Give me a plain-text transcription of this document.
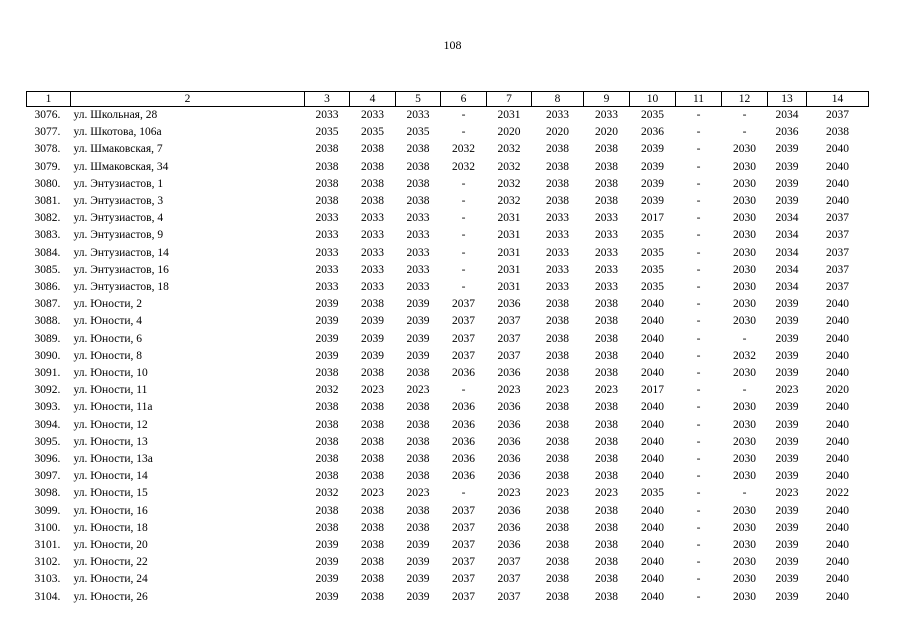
108
1	2	3	4	5	6	7	8	9	10	11	12	13	14
3076.	ул. Школьная, 28	2033	2033	2033	-	2031	2033	2033	2035	-	-	2034	2037
3077.	ул. Шкотова, 106а	2035	2035	2035	-	2020	2020	2020	2036	-	-	2036	2038
3078.	ул. Шмаковская, 7	2038	2038	2038	2032	2032	2038	2038	2039	-	2030	2039	2040
3079.	ул. Шмаковская, 34	2038	2038	2038	2032	2032	2038	2038	2039	-	2030	2039	2040
3080.	ул. Энтузиастов, 1	2038	2038	2038	-	2032	2038	2038	2039	-	2030	2039	2040
3081.	ул. Энтузиастов, 3	2038	2038	2038	-	2032	2038	2038	2039	-	2030	2039	2040
3082.	ул. Энтузиастов, 4	2033	2033	2033	-	2031	2033	2033	2017	-	2030	2034	2037
3083.	ул. Энтузиастов, 9	2033	2033	2033	-	2031	2033	2033	2035	-	2030	2034	2037
3084.	ул. Энтузиастов, 14	2033	2033	2033	-	2031	2033	2033	2035	-	2030	2034	2037
3085.	ул. Энтузиастов, 16	2033	2033	2033	-	2031	2033	2033	2035	-	2030	2034	2037
3086.	ул. Энтузиастов, 18	2033	2033	2033	-	2031	2033	2033	2035	-	2030	2034	2037
3087.	ул. Юности, 2	2039	2038	2039	2037	2036	2038	2038	2040	-	2030	2039	2040
3088.	ул. Юности, 4	2039	2039	2039	2037	2037	2038	2038	2040	-	2030	2039	2040
3089.	ул. Юности, 6	2039	2039	2039	2037	2037	2038	2038	2040	-	-	2039	2040
3090.	ул. Юности, 8	2039	2039	2039	2037	2037	2038	2038	2040	-	2032	2039	2040
3091.	ул. Юности, 10	2038	2038	2038	2036	2036	2038	2038	2040	-	2030	2039	2040
3092.	ул. Юности, 11	2032	2023	2023	-	2023	2023	2023	2017	-	-	2023	2020
3093.	ул. Юности, 11а	2038	2038	2038	2036	2036	2038	2038	2040	-	2030	2039	2040
3094.	ул. Юности, 12	2038	2038	2038	2036	2036	2038	2038	2040	-	2030	2039	2040
3095.	ул. Юности, 13	2038	2038	2038	2036	2036	2038	2038	2040	-	2030	2039	2040
3096.	ул. Юности, 13а	2038	2038	2038	2036	2036	2038	2038	2040	-	2030	2039	2040
3097.	ул. Юности, 14	2038	2038	2038	2036	2036	2038	2038	2040	-	2030	2039	2040
3098.	ул. Юности, 15	2032	2023	2023	-	2023	2023	2023	2035	-	-	2023	2022
3099.	ул. Юности, 16	2038	2038	2038	2037	2036	2038	2038	2040	-	2030	2039	2040
3100.	ул. Юности, 18	2038	2038	2038	2037	2036	2038	2038	2040	-	2030	2039	2040
3101.	ул. Юности, 20	2039	2038	2039	2037	2036	2038	2038	2040	-	2030	2039	2040
3102.	ул. Юности, 22	2039	2038	2039	2037	2037	2038	2038	2040	-	2030	2039	2040
3103.	ул. Юности, 24	2039	2038	2039	2037	2037	2038	2038	2040	-	2030	2039	2040
3104.	ул. Юности, 26	2039	2038	2039	2037	2037	2038	2038	2040	-	2030	2039	2040
